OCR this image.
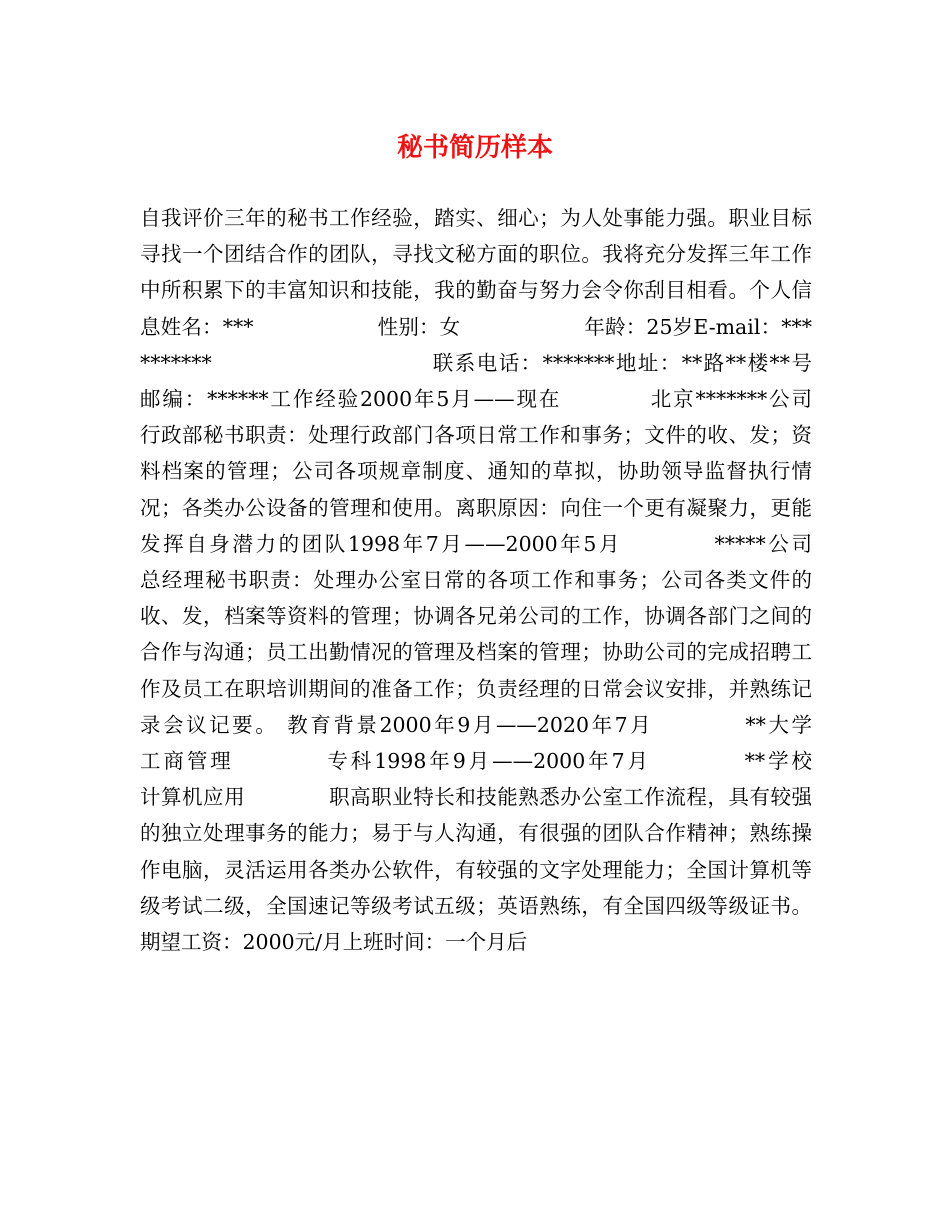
秘书简历样本

自我评价三年的秘书工作经验，踏实、细心；为人处事能力强。职业目标寻找一个团结合作的团队，寻找文秘方面的职位。我将充分发挥三年工作中所积累下的丰富知识和技能，我的勤奋与努力会令你刮目相看。个人信息姓名：***　　　　　　性别：女　　　　　　年龄：25岁E-mail：**********　　　　　　　　　　联系电话：*******地址：**路**楼**号　　　　邮编：******工作经验2000年5月——现在　　　　北京*******公司　　　　行政部秘书职责：处理行政部门各项日常工作和事务；文件的收、发；资料档案的管理；公司各项规章制度、通知的草拟，协助领导监督执行情况；各类办公设备的管理和使用。离职原因：向住一个更有凝聚力，更能发挥自身潜力的团队1998年7月——2000年5月　　　　*****公司　　　　总经理秘书职责：处理办公室日常的各项工作和事务；公司各类文件的收、发，档案等资料的管理；协调各兄弟公司的工作，协调各部门之间的合作与沟通；员工出勤情况的管理及档案的管理；协助公司的完成招聘工作及员工在职培训期间的准备工作；负责经理的日常会议安排，并熟练记录会议记要。 教育背景2000年9月——2020年7月　　　　**大学　　　　工商管理　　　　专科1998年9月——2000年7月　　　　**学校　　　　计算机应用　　　　职高职业特长和技能熟悉办公室工作流程，具有较强的独立处理事务的能力；易于与人沟通，有很强的团队合作精神；熟练操作电脑，灵活运用各类办公软件，有较强的文字处理能力；全国计算机等级考试二级，全国速记等级考试五级；英语熟练，有全国四级等级证书。期望工资：2000元/月上班时间：一个月后
